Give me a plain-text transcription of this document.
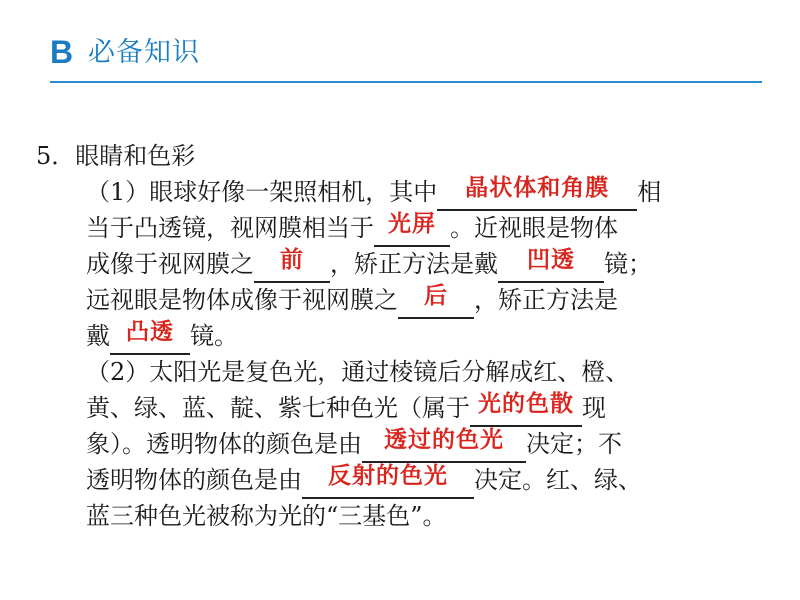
B 必备知识
5．眼睛和色彩
（1）眼球好像一架照相机，其中 晶状体和角膜 相
当于凸透镜，视网膜相当于 光屏 。近视眼是物体
成像于视网膜之 前 ，矫正方法是戴 凹透 镜；
远视眼是物体成像于视网膜之 后 ，矫正方法是
戴 凸透 镜。
（2）太阳光是复色光，通过棱镜后分解成红、橙、
黄、绿、蓝、靛、紫七种色光（属于 光的色散 现
象）。透明物体的颜色是由 透过的色光 决定；不
透明物体的颜色是由 反射的色光 决定。红、绿、
蓝三种色光被称为光的“三基色”。
